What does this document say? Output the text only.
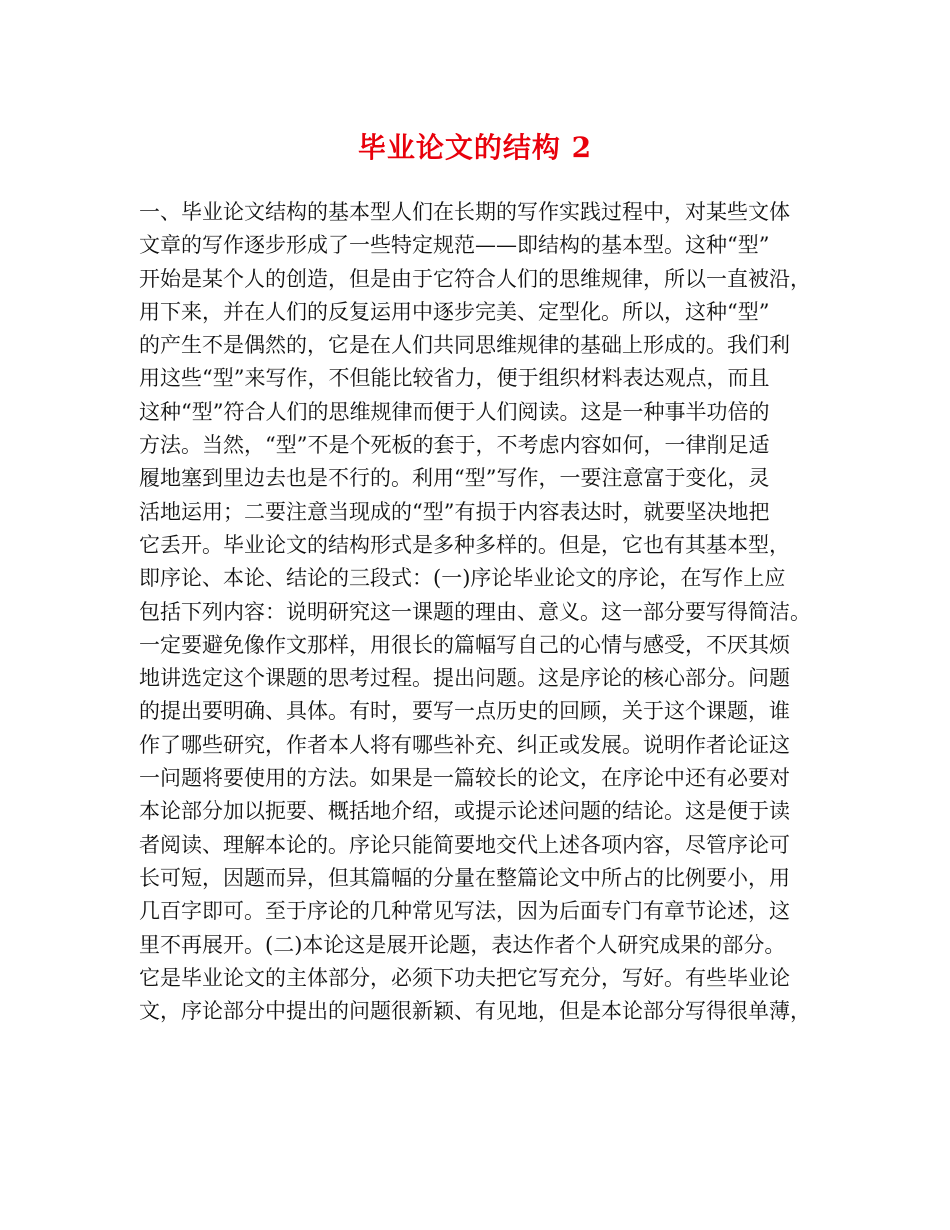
毕业论文的结构 2
一、毕业论文结构的基本型人们在长期的写作实践过程中，对某些文体
文章的写作逐步形成了一些特定规范——即结构的基本型。这种“型”
开始是某个人的创造，但是由于它符合人们的思维规律，所以一直被沿，
用下来，并在人们的反复运用中逐步完美、定型化。所以，这种“型”
的产生不是偶然的，它是在人们共同思维规律的基础上形成的。我们利
用这些“型”来写作，不但能比较省力，便于组织材料表达观点，而且
这种“型”符合人们的思维规律而便于人们阅读。这是一种事半功倍的
方法。当然，“型”不是个死板的套于，不考虑内容如何，一律削足适
履地塞到里边去也是不行的。利用“型”写作，一要注意富于变化，灵
活地运用；二要注意当现成的“型”有损于内容表达时，就要坚决地把
它丢开。毕业论文的结构形式是多种多样的。但是，它也有其基本型，
即序论、本论、结论的三段式：(一)序论毕业论文的序论，在写作上应
包括下列内容：说明研究这一课题的理由、意义。这一部分要写得简洁。
一定要避免像作文那样，用很长的篇幅写自己的心情与感受，不厌其烦
地讲选定这个课题的思考过程。提出问题。这是序论的核心部分。问题
的提出要明确、具体。有时，要写一点历史的回顾，关于这个课题，谁
作了哪些研究，作者本人将有哪些补充、纠正或发展。说明作者论证这
一问题将要使用的方法。如果是一篇较长的论文，在序论中还有必要对
本论部分加以扼要、概括地介绍，或提示论述问题的结论。这是便于读
者阅读、理解本论的。序论只能简要地交代上述各项内容，尽管序论可
长可短，因题而异，但其篇幅的分量在整篇论文中所占的比例要小，用
几百字即可。至于序论的几种常见写法，因为后面专门有章节论述，这
里不再展开。(二)本论这是展开论题，表达作者个人研究成果的部分。
它是毕业论文的主体部分，必须下功夫把它写充分，写好。有些毕业论
文，序论部分中提出的问题很新颖、有见地，但是本论部分写得很单薄，
